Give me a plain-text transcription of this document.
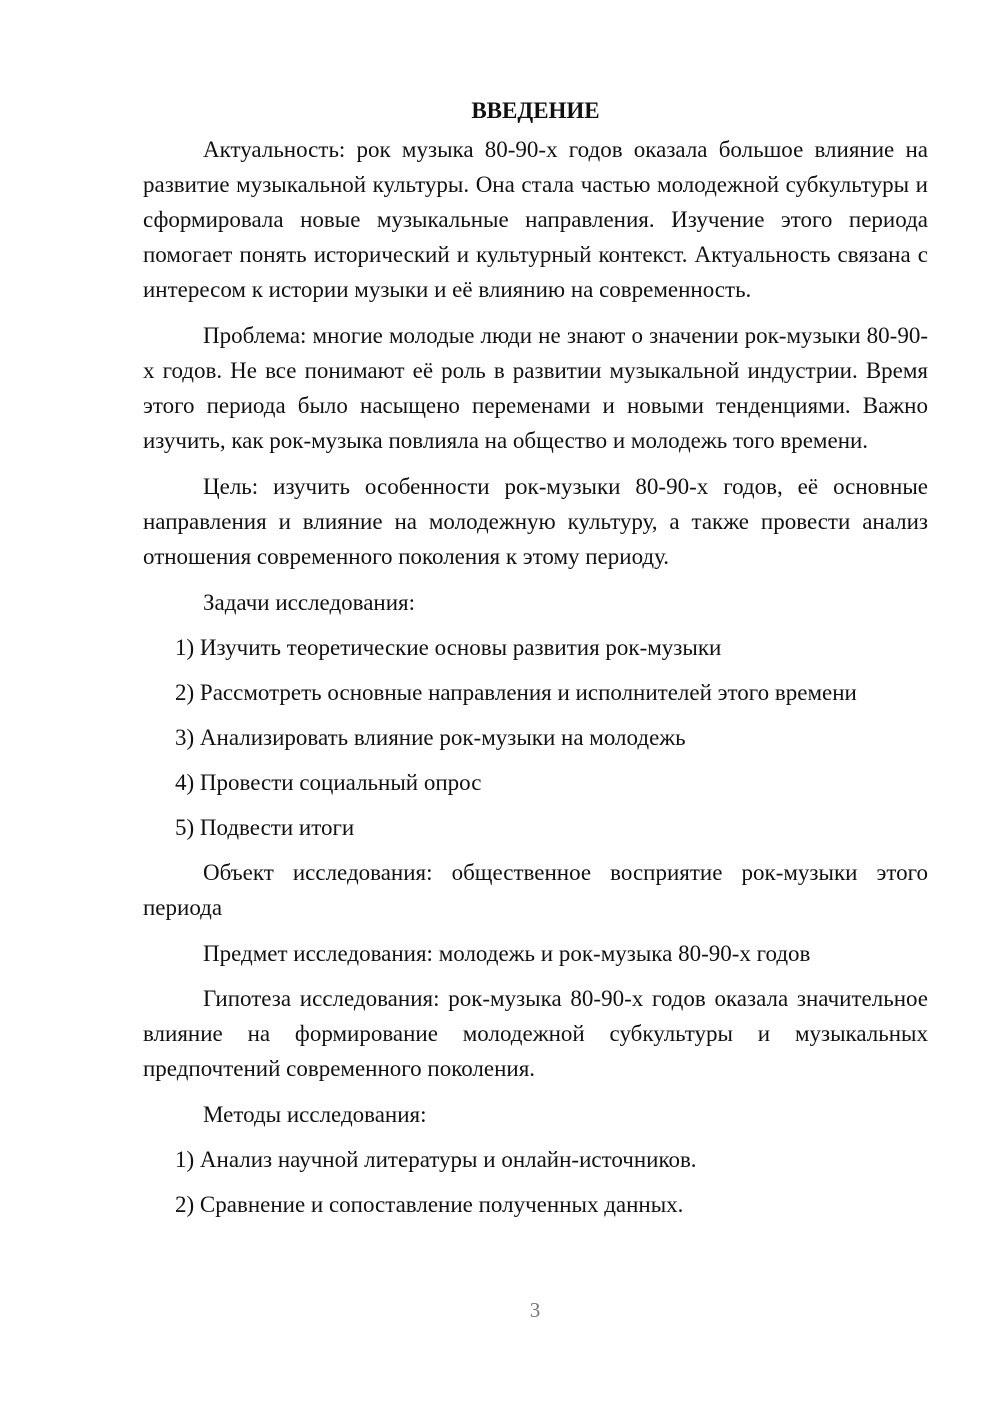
ВВЕДЕНИЕ

Актуальность: рок музыка 80-90-х годов оказала большое влияние на развитие музыкальной культуры. Она стала частью молодежной субкультуры и сформировала новые музыкальные направления. Изучение этого периода помогает понять исторический и культурный контекст. Актуальность связана с интересом к истории музыки и её влиянию на современность.

Проблема: многие молодые люди не знают о значении рок-музыки 80-90-х годов. Не все понимают её роль в развитии музыкальной индустрии. Время этого периода было насыщено переменами и новыми тенденциями. Важно изучить, как рок-музыка повлияла на общество и молодежь того времени.

Цель: изучить особенности рок-музыки 80-90-х годов, её основные направления и влияние на молодежную культуру, а также провести анализ отношения современного поколения к этому периоду.

Задачи исследования:

1) Изучить теоретические основы развития рок-музыки
2) Рассмотреть основные направления и исполнителей этого времени
3) Анализировать влияние рок-музыки на молодежь
4) Провести социальный опрос
5) Подвести итоги

Объект исследования: общественное восприятие рок-музыки этого периода

Предмет исследования: молодежь и рок-музыка 80-90-х годов

Гипотеза исследования: рок-музыка 80-90-х годов оказала значительное влияние на формирование молодежной субкультуры и музыкальных предпочтений современного поколения.

Методы исследования:

1) Анализ научной литературы и онлайн-источников.
2) Сравнение и сопоставление полученных данных.
3
